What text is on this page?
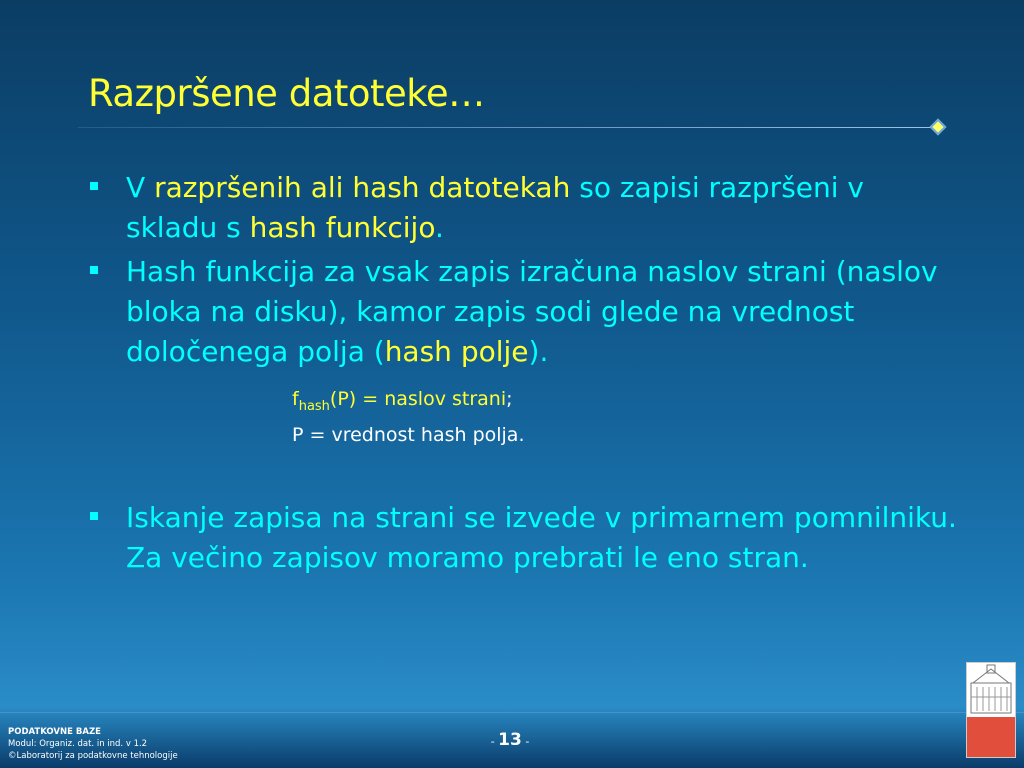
Razpršene datoteke…
V razpršenih ali hash datotekah so zapisi razpršeni v skladu s hash funkcijo.
Hash funkcija za vsak zapis izračuna naslov strani (naslov bloka na disku), kamor zapis sodi glede na vrednost določenega polja (hash polje).
$f_{hash}(P)$ = naslov strani;
P = vrednost hash polja.
Iskanje zapisa na strani se izvede v primarnem pomnilniku. Za večino zapisov moramo prebrati le eno stran.
PODATKOVNE BAZE
Modul: Organiz. dat. in ind. v 1.2
©Laboratorij za podatkovne tehnologije
- 13 -
